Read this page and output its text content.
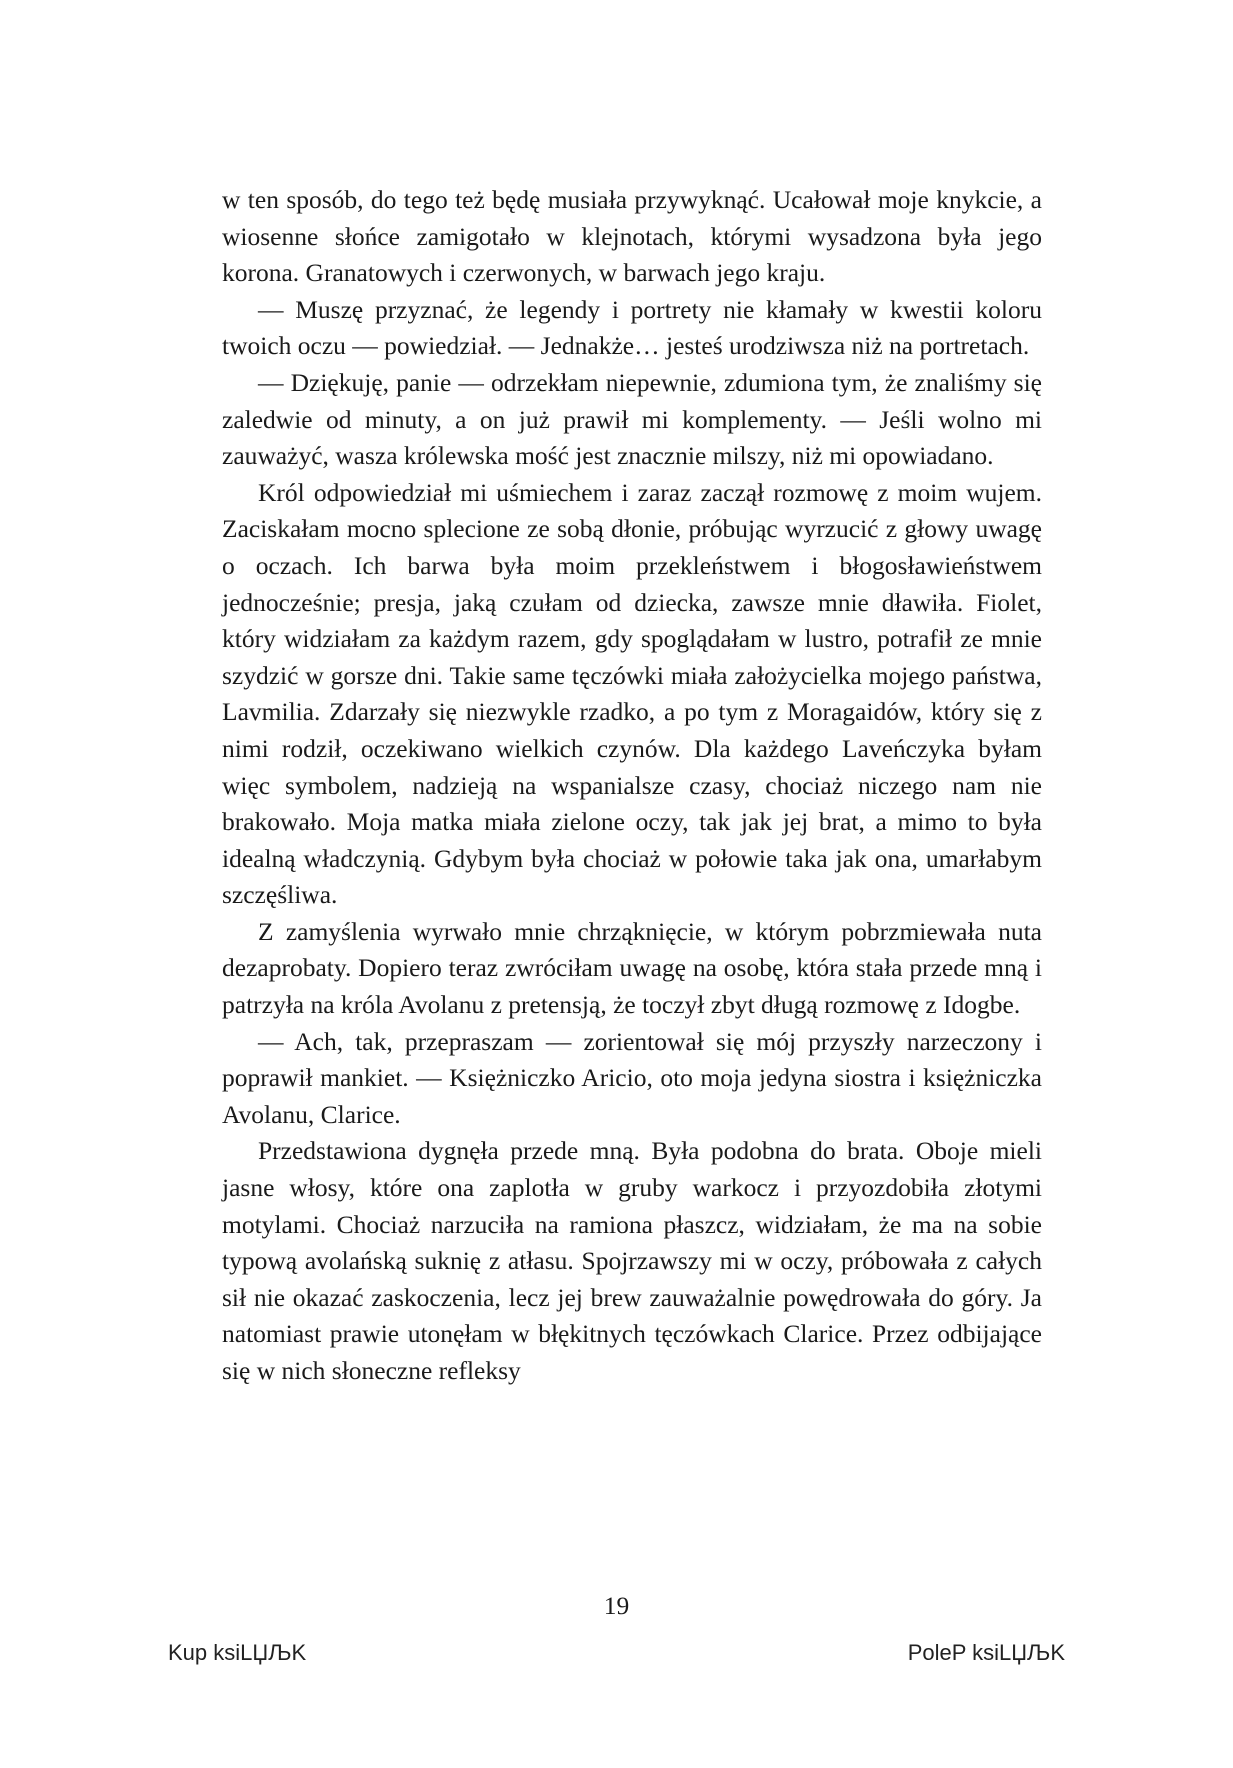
w ten sposób, do tego też będę musiała przywyknąć. Ucałował moje knykcie, a wiosenne słońce zamigotało w klejnotach, którymi wysadzona była jego korona. Granatowych i czerwonych, w barwach jego kraju.

— Muszę przyznać, że legendy i portrety nie kłamały w kwestii koloru twoich oczu — powiedział. — Jednakże… jesteś urodziwsza niż na portretach.

— Dziękuję, panie — odrzekłam niepewnie, zdumiona tym, że znaliśmy się zaledwie od minuty, a on już prawił mi komplementy. — Jeśli wolno mi zauważyć, wasza królewska mość jest znacznie milszy, niż mi opowiadano.

Król odpowiedział mi uśmiechem i zaraz zaczął rozmowę z moim wujem. Zaciskałam mocno splecione ze sobą dłonie, próbując wyrzucić z głowy uwagę o oczach. Ich barwa była moim przekleństwem i błogosławieństwem jednocześnie; presja, jaką czułam od dziecka, zawsze mnie dławiła. Fiolet, który widziałam za każdym razem, gdy spoglądałam w lustro, potrafił ze mnie szydzić w gorsze dni. Takie same tęczówki miała założycielka mojego państwa, Lavmilia. Zdarzały się niezwykle rzadko, a po tym z Moragaidów, który się z nimi rodził, oczekiwano wielkich czynów. Dla każdego Laveńczyka byłam więc symbolem, nadzieją na wspanialsze czasy, chociaż niczego nam nie brakowało. Moja matka miała zielone oczy, tak jak jej brat, a mimo to była idealną władczynią. Gdybym była chociaż w połowie taka jak ona, umarłabym szczęśliwa.

Z zamyślenia wyrwało mnie chrząknięcie, w którym pobrzmiewała nuta dezaprobaty. Dopiero teraz zwróciłam uwagę na osobę, która stała przede mną i patrzyła na króla Avolanu z pretensją, że toczył zbyt długą rozmowę z Idogbe.

— Ach, tak, przepraszam — zorientował się mój przyszły narzeczony i poprawił mankiet. — Księżniczko Aricio, oto moja jedyna siostra i księżniczka Avolanu, Clarice.

Przedstawiona dygnęła przede mną. Była podobna do brata. Oboje mieli jasne włosy, które ona zaplotła w gruby warkocz i przyozdobiła złotymi motylami. Chociaż narzuciła na ramiona płaszcz, widziałam, że ma na sobie typową avolańską suknię z atłasu. Spojrzawszy mi w oczy, próbowała z całych sił nie okazać zaskoczenia, lecz jej brew zauważalnie powędrowała do góry. Ja natomiast prawie utonęłam w błękitnych tęczówkach Clarice. Przez odbijające się w nich słoneczne refleksy

19
Kup ksiLЏЉK	PoleP ksiLЏЉK
